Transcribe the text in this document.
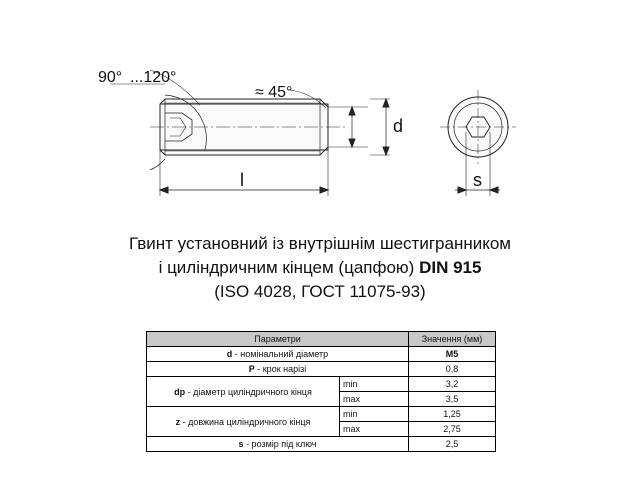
90° ...120°
≈ 45°
l
d
s
Гвинт установний із внутрішнім шестигранником
і циліндричним кінцем (цапфою) DIN 915
(ISO 4028, ГОСТ 11075-93)
Параметри		Значення (мм)
d - номінальний діаметр		M5
P - крок нарізі		0,8
dp - діаметр циліндричного кінця	min	3,2
	max	3,5
z - довжина циліндричного кінця	min	1,25
	max	2,75
s - розмір під ключ		2,5
